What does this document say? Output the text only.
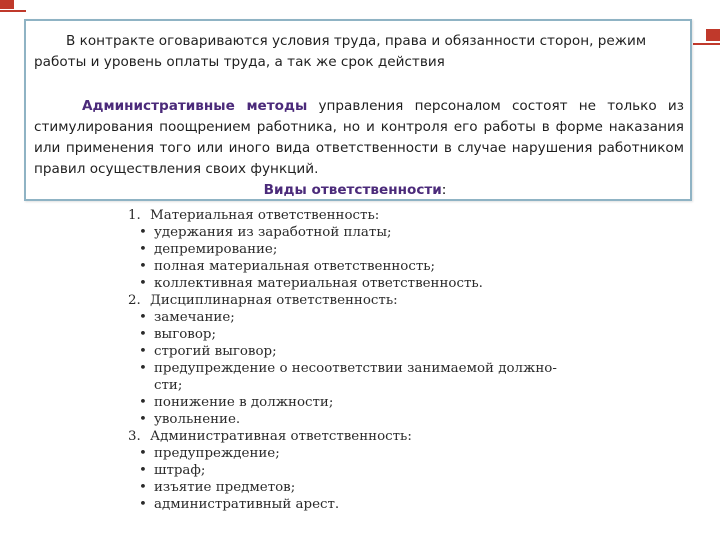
В контракте оговариваются условия труда, права и обязанности сторон, режим работы и уровень оплаты труда, а так же срок действия

Административные методы управления персоналом состоят не только из стимулирования поощрением работника, но и контроля его работы в форме наказания или применения того или иного вида ответственности в случае нарушения работником правил осуществления своих функций.

Виды ответственности:

1. Материальная ответственность:
• удержания из заработной платы;
• депремирование;
• полная материальная ответственность;
• коллективная материальная ответственность.
2. Дисциплинарная ответственность:
• замечание;
• выговор;
• строгий выговор;
• предупреждение о несоответствии занимаемой должно-
сти;
• понижение в должности;
• увольнение.
3. Административная ответственность:
• предупреждение;
• штраф;
• изъятие предметов;
• административный арест.
